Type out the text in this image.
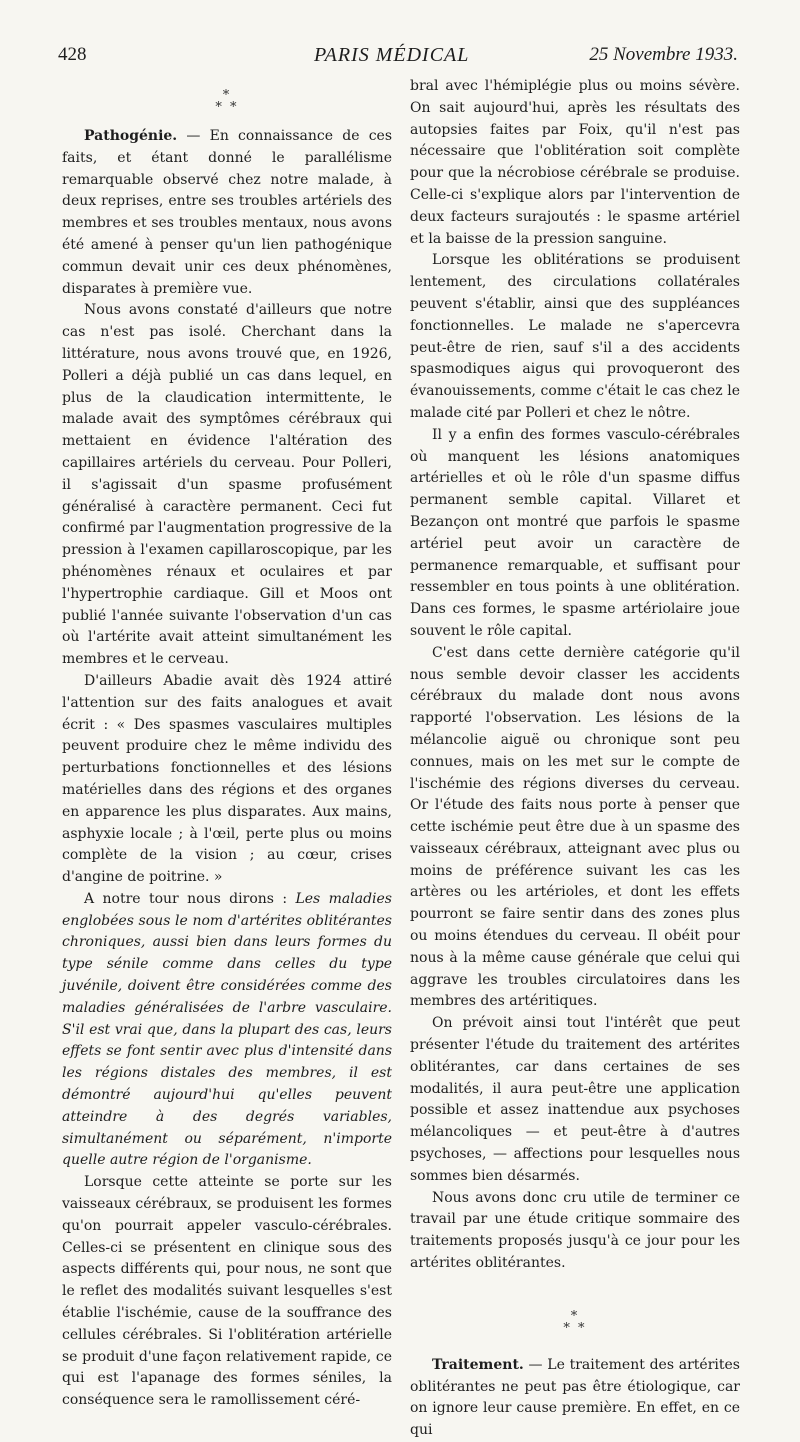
428	PARIS MÉDICAL	25 Novembre 1933.
*
* *

Pathogénie. — En connaissance de ces faits, et étant donné le parallélisme remarquable observé chez notre malade, à deux reprises, entre ses troubles artériels des membres et ses troubles mentaux, nous avons été amené à penser qu'un lien pathogénique commun devait unir ces deux phénomènes, disparates à première vue.

Nous avons constaté d'ailleurs que notre cas n'est pas isolé. Cherchant dans la littérature, nous avons trouvé que, en 1926, Polleri a déjà publié un cas dans lequel, en plus de la claudication intermittente, le malade avait des symptômes cérébraux qui mettaient en évidence l'altération des capillaires artériels du cerveau. Pour Polleri, il s'agissait d'un spasme profusément généralisé à caractère permanent. Ceci fut confirmé par l'augmentation progressive de la pression à l'examen capillaroscopique, par les phénomènes rénaux et oculaires et par l'hypertrophie cardiaque. Gill et Moos ont publié l'année suivante l'observation d'un cas où l'artérite avait atteint simultanément les membres et le cerveau.

D'ailleurs Abadie avait dès 1924 attiré l'attention sur des faits analogues et avait écrit : « Des spasmes vasculaires multiples peuvent produire chez le même individu des perturbations fonctionnelles et des lésions matérielles dans des régions et des organes en apparence les plus disparates. Aux mains, asphyxie locale ; à l'œil, perte plus ou moins complète de la vision ; au cœur, crises d'angine de poitrine. »

A notre tour nous dirons : Les maladies englobées sous le nom d'artérites oblitérantes chroniques, aussi bien dans leurs formes du type sénile comme dans celles du type juvénile, doivent être considérées comme des maladies généralisées de l'arbre vasculaire. S'il est vrai que, dans la plupart des cas, leurs effets se font sentir avec plus d'intensité dans les régions distales des membres, il est démontré aujourd'hui qu'elles peuvent atteindre à des degrés variables, simultanément ou séparément, n'importe quelle autre région de l'organisme.

Lorsque cette atteinte se porte sur les vaisseaux cérébraux, se produisent les formes qu'on pourrait appeler vasculo-cérébrales. Celles-ci se présentent en clinique sous des aspects différents qui, pour nous, ne sont que le reflet des modalités suivant lesquelles s'est établie l'ischémie, cause de la souffrance des cellules cérébrales. Si l'oblitération artérielle se produit d'une façon relativement rapide, ce qui est l'apanage des formes séniles, la conséquence sera le ramollissement céré-

bral avec l'hémiplégie plus ou moins sévère. On sait aujourd'hui, après les résultats des autopsies faites par Foix, qu'il n'est pas nécessaire que l'oblitération soit complète pour que la nécrobiose cérébrale se produise. Celle-ci s'explique alors par l'intervention de deux facteurs surajoutés : le spasme artériel et la baisse de la pression sanguine.

Lorsque les oblitérations se produisent lentement, des circulations collatérales peuvent s'établir, ainsi que des suppléances fonctionnelles. Le malade ne s'apercevra peut-être de rien, sauf s'il a des accidents spasmodiques aigus qui provoqueront des évanouissements, comme c'était le cas chez le malade cité par Polleri et chez le nôtre.

Il y a enfin des formes vasculo-cérébrales où manquent les lésions anatomiques artérielles et où le rôle d'un spasme diffus permanent semble capital. Villaret et Bezançon ont montré que parfois le spasme artériel peut avoir un caractère de permanence remarquable, et suffisant pour ressembler en tous points à une oblitération. Dans ces formes, le spasme artériolaire joue souvent le rôle capital.

C'est dans cette dernière catégorie qu'il nous semble devoir classer les accidents cérébraux du malade dont nous avons rapporté l'observation. Les lésions de la mélancolie aiguë ou chronique sont peu connues, mais on les met sur le compte de l'ischémie des régions diverses du cerveau. Or l'étude des faits nous porte à penser que cette ischémie peut être due à un spasme des vaisseaux cérébraux, atteignant avec plus ou moins de préférence suivant les cas les artères ou les artérioles, et dont les effets pourront se faire sentir dans des zones plus ou moins étendues du cerveau. Il obéit pour nous à la même cause générale que celui qui aggrave les troubles circulatoires dans les membres des artéritiques.

On prévoit ainsi tout l'intérêt que peut présenter l'étude du traitement des artérites oblitérantes, car dans certaines de ses modalités, il aura peut-être une application possible et assez inattendue aux psychoses mélancoliques — et peut-être à d'autres psychoses, — affections pour lesquelles nous sommes bien désarmés.

Nous avons donc cru utile de terminer ce travail par une étude critique sommaire des traitements proposés jusqu'à ce jour pour les artérites oblitérantes.

*
* *

Traitement. — Le traitement des artérites oblitérantes ne peut pas être étiologique, car on ignore leur cause première. En effet, en ce qui
